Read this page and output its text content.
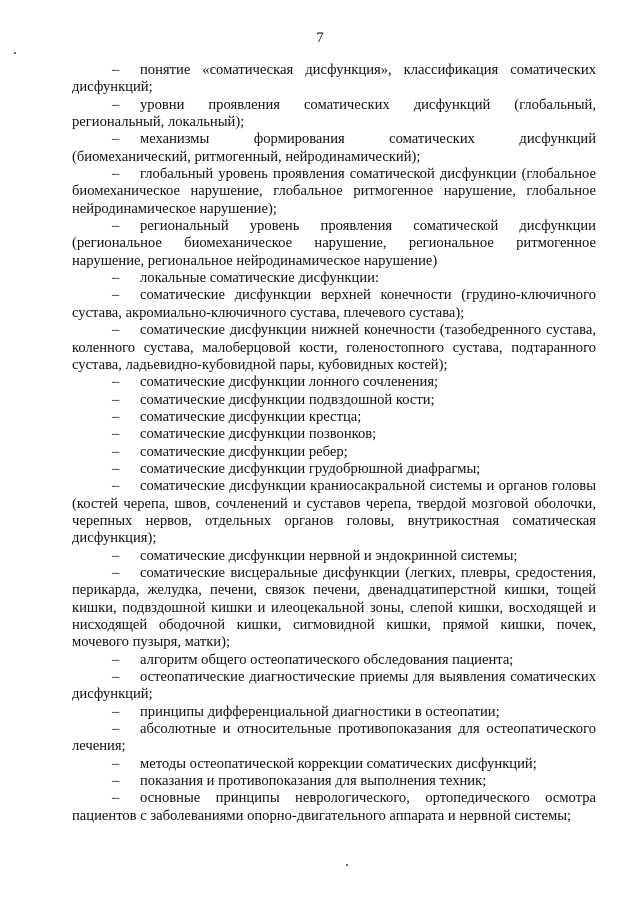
7

– понятие «соматическая дисфункция», классификация соматических дисфункций;

– уровни проявления соматических дисфункций (глобальный, региональный, локальный);

– механизмы формирования соматических дисфункций (биомеханический, ритмогенный, нейродинамический);

– глобальный уровень проявления соматической дисфункции (глобальное биомеханическое нарушение, глобальное ритмогенное нарушение, глобальное нейродинамическое нарушение);

– региональный уровень проявления соматической дисфункции (региональное биомеханическое нарушение, региональное ритмогенное нарушение, региональное нейродинамическое нарушение)

– локальные соматические дисфункции:

– соматические дисфункции верхней конечности (грудино-ключичного сустава, акромиально-ключичного сустава, плечевого сустава);

– соматические дисфункции нижней конечности (тазобедренного сустава, коленного сустава, малоберцовой кости, голеностопного сустава, подтаранного сустава, ладьевидно-кубовидной пары, кубовидных костей);

– соматические дисфункции лонного сочленения;

– соматические дисфункции подвздошной кости;

– соматические дисфункции крестца;

– соматические дисфункции позвонков;

– соматические дисфункции ребер;

– соматические дисфункции грудобрюшной диафрагмы;

– соматические дисфункции краниосакральной системы и органов головы (костей черепа, швов, сочленений и суставов черепа, твердой мозговой оболочки, черепных нервов, отдельных органов головы, внутрикостная соматическая дисфункция);

– соматические дисфункции нервной и эндокринной системы;

– соматические висцеральные дисфункции (легких, плевры, средостения, перикарда, желудка, печени, связок печени, двенадцатиперстной кишки, тощей кишки, подвздошной кишки и илеоцекальной зоны, слепой кишки, восходящей и нисходящей ободочной кишки, сигмовидной кишки, прямой кишки, почек, мочевого пузыря, матки);

– алгоритм общего остеопатического обследования пациента;

– остеопатические диагностические приемы для выявления соматических дисфункций;

– принципы дифференциальной диагностики в остеопатии;

– абсолютные и относительные противопоказания для остеопатического лечения;

– методы остеопатической коррекции соматических дисфункций;

– показания и противопоказания для выполнения техник;

– основные принципы неврологического, ортопедического осмотра пациентов с заболеваниями опорно-двигательного аппарата и нервной системы;
